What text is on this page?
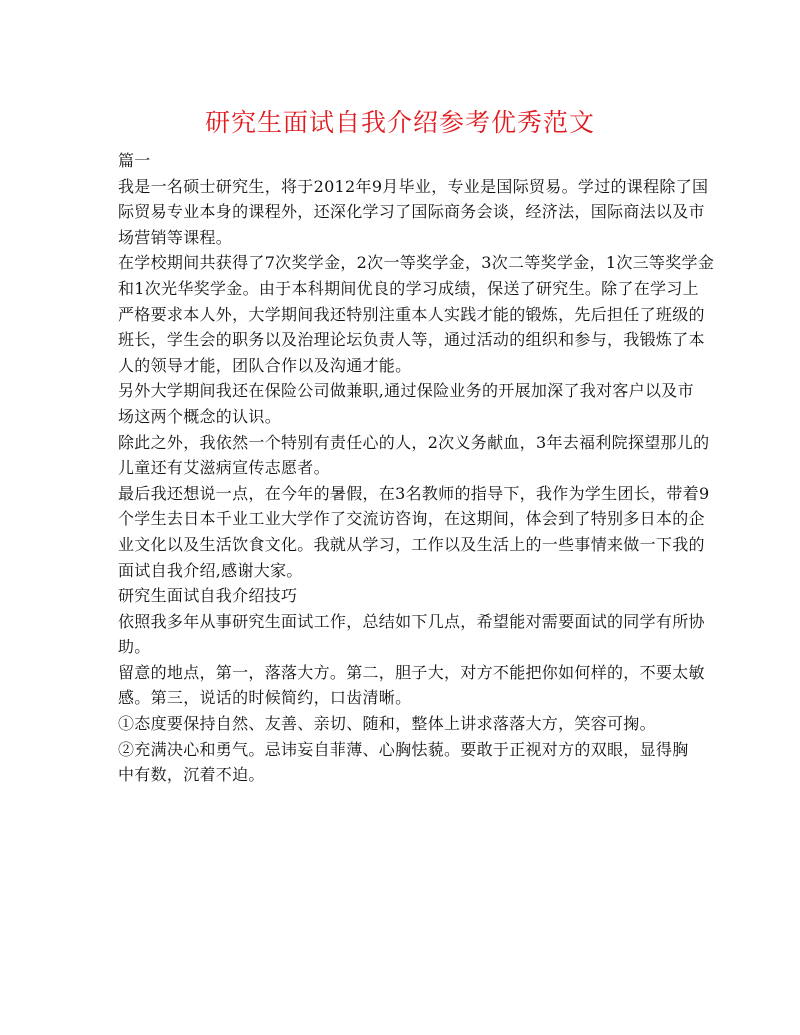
研究生面试自我介绍参考优秀范文
篇一
我是一名硕士研究生，将于2012年9月毕业，专业是国际贸易。学过的课程除了国
际贸易专业本身的课程外，还深化学习了国际商务会谈，经济法，国际商法以及市
场营销等课程。
在学校期间共获得了7次奖学金，2次一等奖学金，3次二等奖学金，1次三等奖学金
和1次光华奖学金。由于本科期间优良的学习成绩，保送了研究生。除了在学习上
严格要求本人外，大学期间我还特别注重本人实践才能的锻炼，先后担任了班级的
班长，学生会的职务以及治理论坛负责人等，通过活动的组织和参与，我锻炼了本
人的领导才能，团队合作以及沟通才能。
另外大学期间我还在保险公司做兼职,通过保险业务的开展加深了我对客户以及市
场这两个概念的认识。
除此之外，我依然一个特别有责任心的人，2次义务献血，3年去福利院探望那儿的
儿童还有艾滋病宣传志愿者。
最后我还想说一点，在今年的暑假，在3名教师的指导下，我作为学生团长，带着9
个学生去日本千业工业大学作了交流访咨询，在这期间，体会到了特别多日本的企
业文化以及生活饮食文化。我就从学习，工作以及生活上的一些事情来做一下我的
面试自我介绍,感谢大家。
研究生面试自我介绍技巧
依照我多年从事研究生面试工作，总结如下几点，希望能对需要面试的同学有所协
助。
留意的地点，第一，落落大方。第二，胆子大，对方不能把你如何样的，不要太敏
感。第三，说话的时候简约，口齿清晰。
①态度要保持自然、友善、亲切、随和，整体上讲求落落大方，笑容可掬。
②充满决心和勇气。忌讳妄自菲薄、心胸怯藐。要敢于正视对方的双眼，显得胸
中有数，沉着不迫。
